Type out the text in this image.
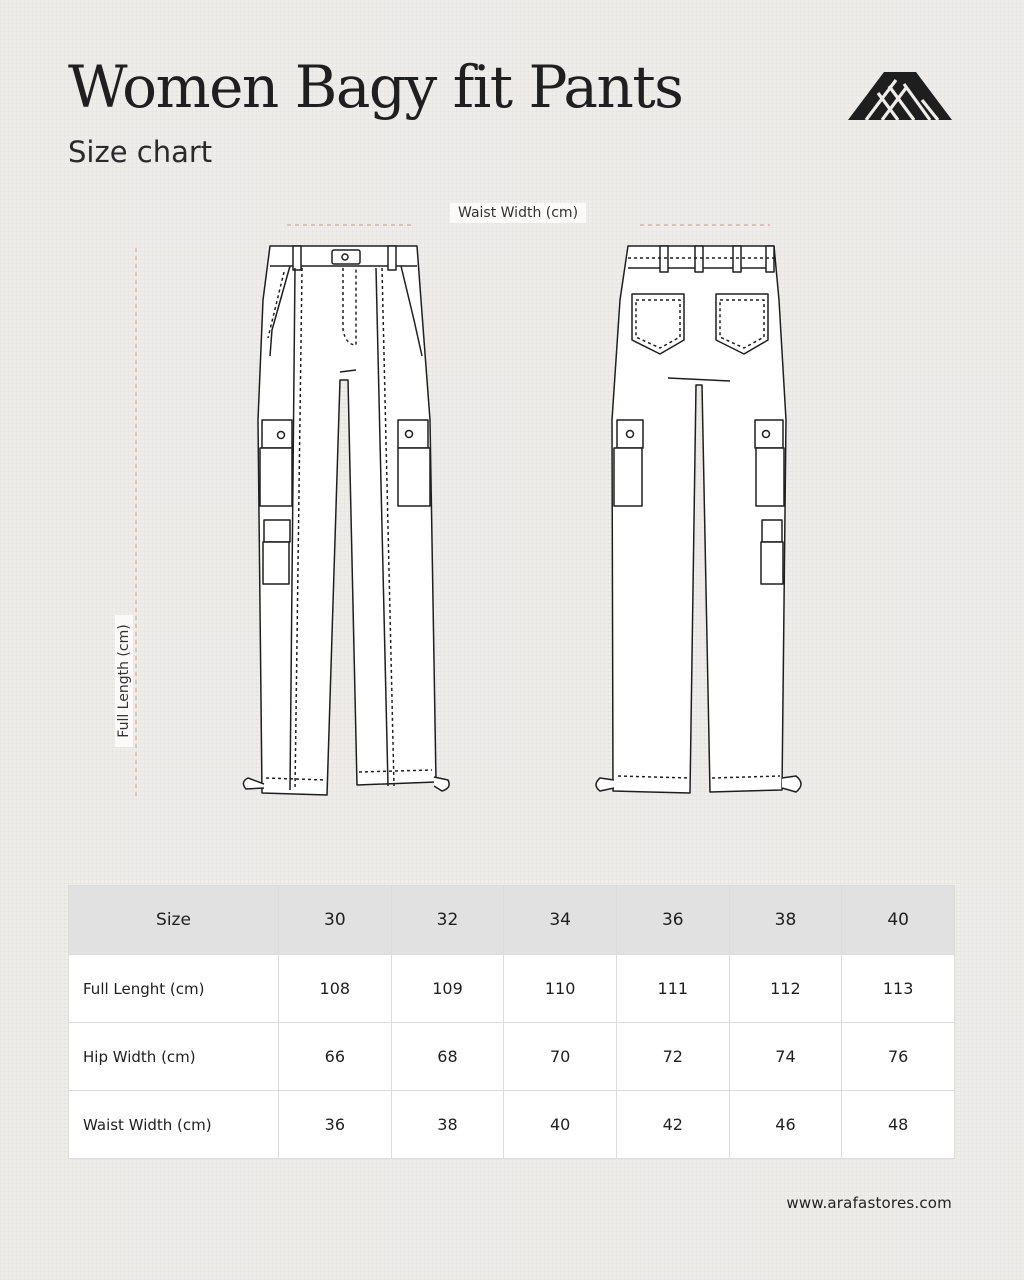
Women Bagy fit Pants
Size chart
Waist Width (cm)
Full Length (cm)
Size	30	32	34	36	38	40
Full Lenght (cm)	108	109	110	111	112	113
Hip Width (cm)	66	68	70	72	74	76
Waist Width (cm)	36	38	40	42	46	48
www.arafastores.com
